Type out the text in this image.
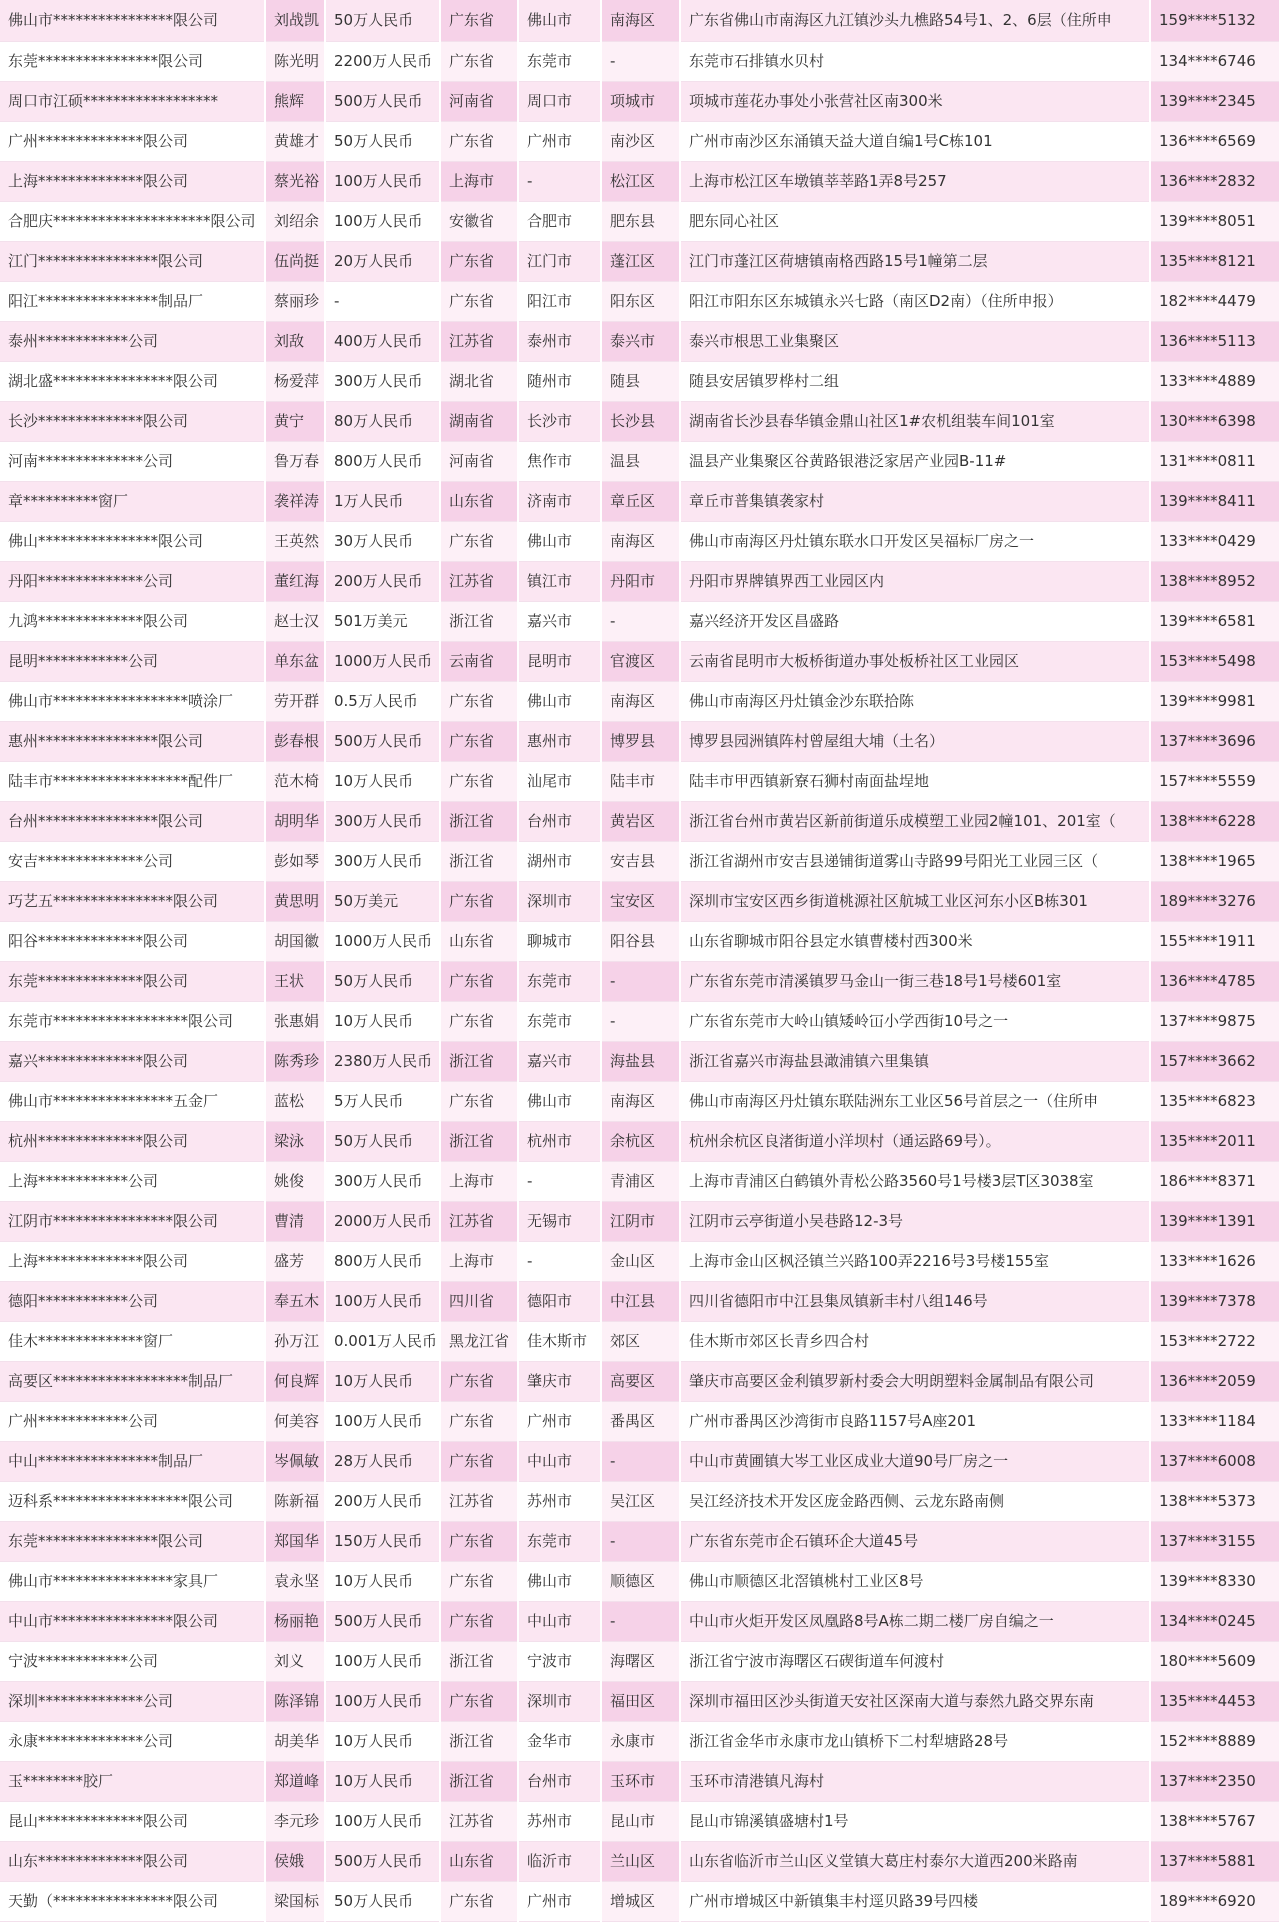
佛山市****************限公司	刘战凯	50万人民币	广东省	佛山市	南海区	广东省佛山市南海区九江镇沙头九樵路54号1、2、6层（住所申	159****5132
东莞****************限公司	陈光明	2200万人民币	广东省	东莞市	-	东莞市石排镇水贝村	134****6746
周口市江硕******************	熊辉	500万人民币	河南省	周口市	项城市	项城市莲花办事处小张营社区南300米	139****2345
广州**************限公司	黄雄才	50万人民币	广东省	广州市	南沙区	广州市南沙区东涌镇天益大道自编1号C栋101	136****6569
上海**************限公司	蔡光裕	100万人民币	上海市	-	松江区	上海市松江区车墩镇莘莘路1弄8号257	136****2832
合肥庆*********************限公司	刘绍余	100万人民币	安徽省	合肥市	肥东县	肥东同心社区	139****8051
江门****************限公司	伍尚挺	20万人民币	广东省	江门市	蓬江区	江门市蓬江区荷塘镇南格西路15号1幢第二层	135****8121
阳江****************制品厂	蔡丽珍	-	广东省	阳江市	阳东区	阳江市阳东区东城镇永兴七路（南区D2南）（住所申报）	182****4479
泰州************公司	刘敌	400万人民币	江苏省	泰州市	泰兴市	泰兴市根思工业集聚区	136****5113
湖北盛****************限公司	杨爱萍	300万人民币	湖北省	随州市	随县	随县安居镇罗桦村二组	133****4889
长沙**************限公司	黄宁	80万人民币	湖南省	长沙市	长沙县	湖南省长沙县春华镇金鼎山社区1#农机组装车间101室	130****6398
河南**************公司	鲁万春	800万人民币	河南省	焦作市	温县	温县产业集聚区谷黄路银港泛家居产业园B-11#	131****0811
章**********窗厂	袭祥涛	1万人民币	山东省	济南市	章丘区	章丘市普集镇袭家村	139****8411
佛山****************限公司	王英然	30万人民币	广东省	佛山市	南海区	佛山市南海区丹灶镇东联水口开发区吴福标厂房之一	133****0429
丹阳**************公司	董红海	200万人民币	江苏省	镇江市	丹阳市	丹阳市界牌镇界西工业园区内	138****8952
九鸿**************限公司	赵士汉	501万美元	浙江省	嘉兴市	-	嘉兴经济开发区昌盛路	139****6581
昆明************公司	单东盆	1000万人民币	云南省	昆明市	官渡区	云南省昆明市大板桥街道办事处板桥社区工业园区	153****5498
佛山市******************喷涂厂	劳开群	0.5万人民币	广东省	佛山市	南海区	佛山市南海区丹灶镇金沙东联拾陈	139****9981
惠州****************限公司	彭春根	500万人民币	广东省	惠州市	博罗县	博罗县园洲镇阵村曾屋组大埔（土名）	137****3696
陆丰市******************配件厂	范木椅	10万人民币	广东省	汕尾市	陆丰市	陆丰市甲西镇新寮石狮村南面盐埕地	157****5559
台州****************限公司	胡明华	300万人民币	浙江省	台州市	黄岩区	浙江省台州市黄岩区新前街道乐成模塑工业园2幢101、201室（	138****6228
安吉**************公司	彭如琴	300万人民币	浙江省	湖州市	安吉县	浙江省湖州市安吉县递铺街道雾山寺路99号阳光工业园三区（	138****1965
巧艺五****************限公司	黄思明	50万美元	广东省	深圳市	宝安区	深圳市宝安区西乡街道桃源社区航城工业区河东小区B栋301	189****3276
阳谷**************限公司	胡国徽	1000万人民币	山东省	聊城市	阳谷县	山东省聊城市阳谷县定水镇曹楼村西300米	155****1911
东莞**************限公司	王状	50万人民币	广东省	东莞市	-	广东省东莞市清溪镇罗马金山一街三巷18号1号楼601室	136****4785
东莞市******************限公司	张惠娟	10万人民币	广东省	东莞市	-	广东省东莞市大岭山镇矮岭冚小学西街10号之一	137****9875
嘉兴**************限公司	陈秀珍	2380万人民币	浙江省	嘉兴市	海盐县	浙江省嘉兴市海盐县澉浦镇六里集镇	157****3662
佛山市****************五金厂	蓝松	5万人民币	广东省	佛山市	南海区	佛山市南海区丹灶镇东联陆洲东工业区56号首层之一（住所申	135****6823
杭州**************限公司	梁泳	50万人民币	浙江省	杭州市	余杭区	杭州余杭区良渚街道小洋坝村（通运路69号）。	135****2011
上海************公司	姚俊	300万人民币	上海市	-	青浦区	上海市青浦区白鹤镇外青松公路3560号1号楼3层T区3038室	186****8371
江阴市****************限公司	曹清	2000万人民币	江苏省	无锡市	江阴市	江阴市云亭街道小吴巷路12-3号	139****1391
上海**************限公司	盛芳	800万人民币	上海市	-	金山区	上海市金山区枫泾镇兰兴路100弄2216号3号楼155室	133****1626
德阳************公司	奉五木	100万人民币	四川省	德阳市	中江县	四川省德阳市中江县集凤镇新丰村八组146号	139****7378
佳木**************窗厂	孙万江	0.001万人民币	黑龙江省	佳木斯市	郊区	佳木斯市郊区长青乡四合村	153****2722
高要区******************制品厂	何良辉	10万人民币	广东省	肇庆市	高要区	肇庆市高要区金利镇罗新村委会大明朗塑料金属制品有限公司	136****2059
广州************公司	何美容	100万人民币	广东省	广州市	番禺区	广州市番禺区沙湾街市良路1157号A座201	133****1184
中山****************制品厂	岑佩敏	28万人民币	广东省	中山市	-	中山市黄圃镇大岑工业区成业大道90号厂房之一	137****6008
迈科系******************限公司	陈新福	200万人民币	江苏省	苏州市	吴江区	吴江经济技术开发区庞金路西侧、云龙东路南侧	138****5373
东莞****************限公司	郑国华	150万人民币	广东省	东莞市	-	广东省东莞市企石镇环企大道45号	137****3155
佛山市****************家具厂	袁永坚	10万人民币	广东省	佛山市	顺德区	佛山市顺德区北滘镇桃村工业区8号	139****8330
中山市****************限公司	杨丽艳	500万人民币	广东省	中山市	-	中山市火炬开发区凤凰路8号A栋二期二楼厂房自编之一	134****0245
宁波************公司	刘义	100万人民币	浙江省	宁波市	海曙区	浙江省宁波市海曙区石碶街道车何渡村	180****5609
深圳**************公司	陈泽锦	100万人民币	广东省	深圳市	福田区	深圳市福田区沙头街道天安社区深南大道与泰然九路交界东南	135****4453
永康**************公司	胡美华	10万人民币	浙江省	金华市	永康市	浙江省金华市永康市龙山镇桥下二村犁塘路28号	152****8889
玉********胶厂	郑道峰	10万人民币	浙江省	台州市	玉环市	玉环市清港镇凡海村	137****2350
昆山**************限公司	李元珍	100万人民币	江苏省	苏州市	昆山市	昆山市锦溪镇盛塘村1号	138****5767
山东**************限公司	侯娥	500万人民币	山东省	临沂市	兰山区	山东省临沂市兰山区义堂镇大葛庄村泰尔大道西200米路南	137****5881
天勤（****************限公司	梁国标	50万人民币	广东省	广州市	增城区	广州市增城区中新镇集丰村逕贝路39号四楼	189****6920
